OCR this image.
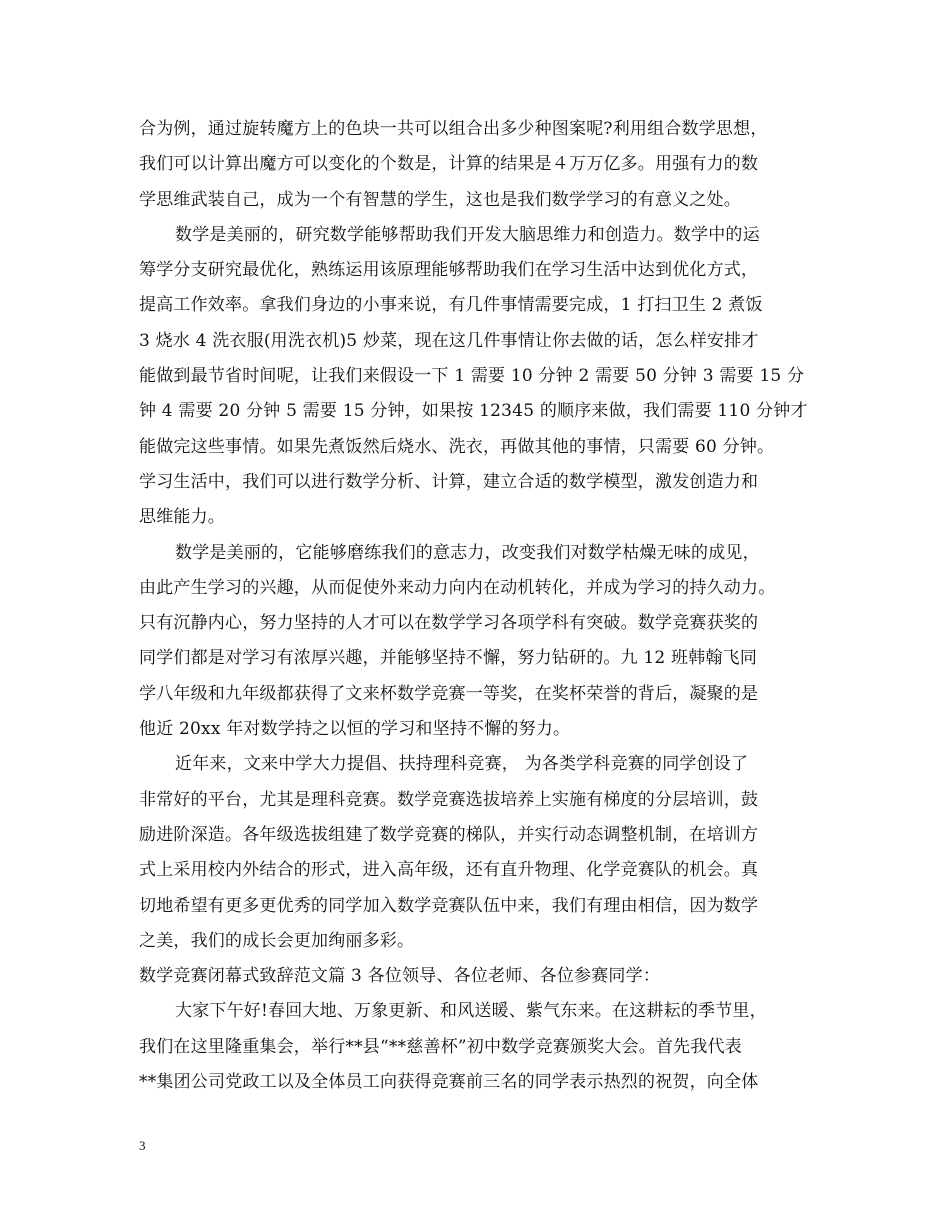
合为例，通过旋转魔方上的色块一共可以组合出多少种图案呢?利用组合数学思想，
我们可以计算出魔方可以变化的个数是，计算的结果是４万万亿多。用强有力的数
学思维武装自己，成为一个有智慧的学生，这也是我们数学学习的有意义之处。
数学是美丽的，研究数学能够帮助我们开发大脑思维力和创造力。数学中的运
筹学分支研究最优化，熟练运用该原理能够帮助我们在学习生活中达到优化方式，
提高工作效率。拿我们身边的小事来说，有几件事情需要完成，1 打扫卫生 2 煮饭
3 烧水 4 洗衣服(用洗衣机)5 炒菜，现在这几件事情让你去做的话，怎么样安排才
能做到最节省时间呢，让我们来假设一下 1 需要 10 分钟 2 需要 50 分钟 3 需要 15 分
钟 4 需要 20 分钟 5 需要 15 分钟，如果按 12345 的顺序来做，我们需要 110 分钟才
能做完这些事情。如果先煮饭然后烧水、洗衣，再做其他的事情，只需要 60 分钟。
学习生活中，我们可以进行数学分析、计算，建立合适的数学模型，激发创造力和
思维能力。
数学是美丽的，它能够磨练我们的意志力，改变我们对数学枯燥无味的成见，
由此产生学习的兴趣，从而促使外来动力向内在动机转化，并成为学习的持久动力。
只有沉静内心，努力坚持的人才可以在数学学习各项学科有突破。数学竞赛获奖的
同学们都是对学习有浓厚兴趣，并能够坚持不懈，努力钻研的。九 12 班韩翰飞同
学八年级和九年级都获得了文来杯数学竞赛一等奖，在奖杯荣誉的背后，凝聚的是
他近 20xx 年对数学持之以恒的学习和坚持不懈的努力。
近年来，文来中学大力提倡、扶持理科竞赛， 为各类学科竞赛的同学创设了
非常好的平台，尤其是理科竞赛。数学竞赛选拔培养上实施有梯度的分层培训，鼓
励进阶深造。各年级选拔组建了数学竞赛的梯队，并实行动态调整机制，在培训方
式上采用校内外结合的形式，进入高年级，还有直升物理、化学竞赛队的机会。真
切地希望有更多更优秀的同学加入数学竞赛队伍中来，我们有理由相信，因为数学
之美，我们的成长会更加绚丽多彩。
数学竞赛闭幕式致辞范文篇 3 各位领导、各位老师、各位参赛同学：
大家下午好!春回大地、万象更新、和风送暖、紫气东来。在这耕耘的季节里，
我们在这里隆重集会，举行**县“**慈善杯”初中数学竞赛颁奖大会。首先我代表
**集团公司党政工以及全体员工向获得竞赛前三名的同学表示热烈的祝贺，向全体
3
